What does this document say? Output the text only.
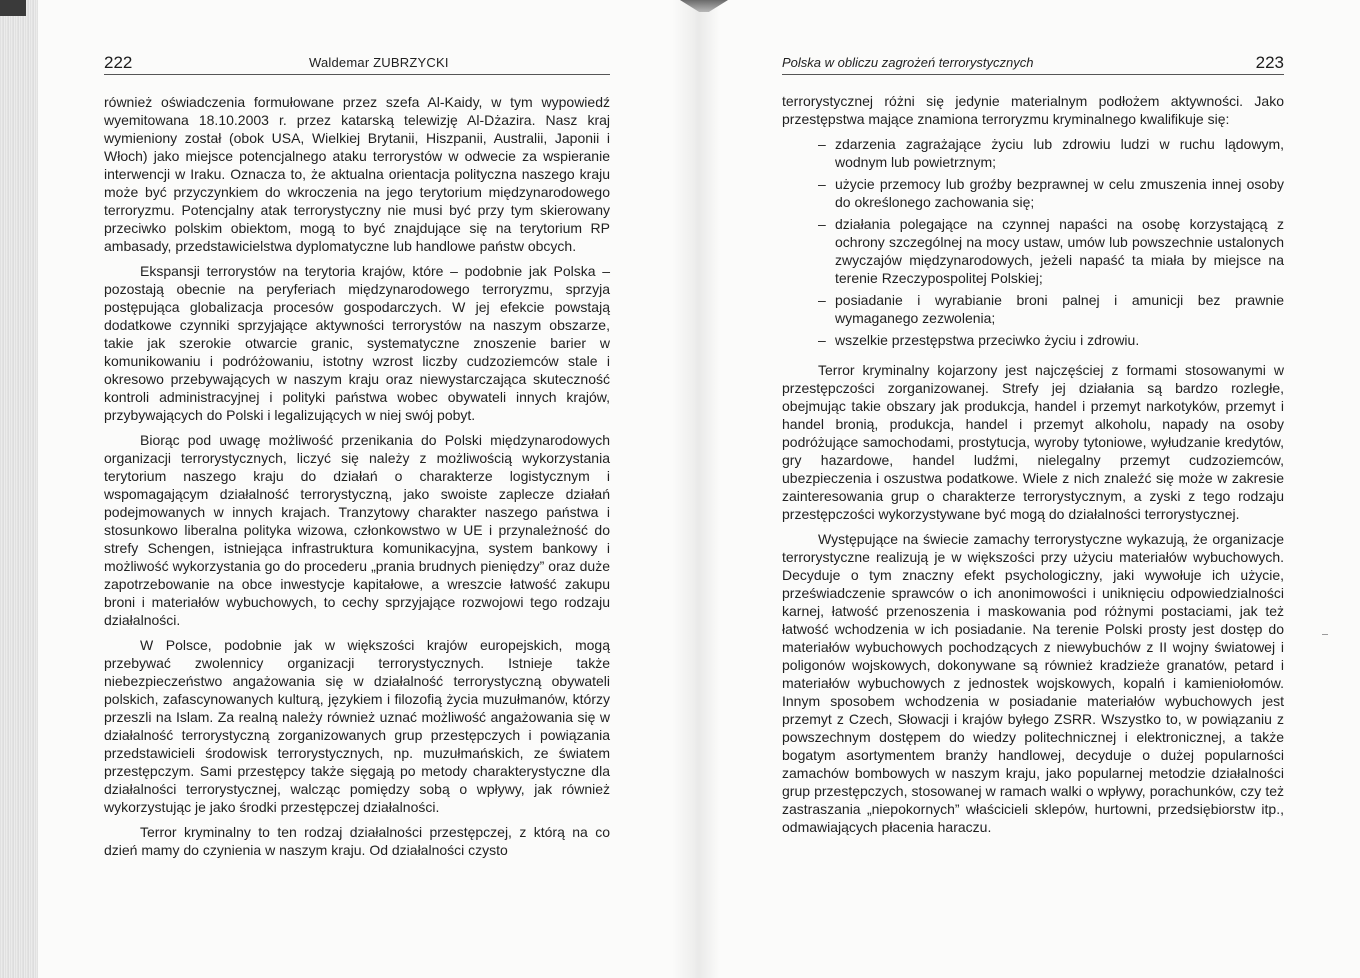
222	Waldemar ZUBRZYCKI

również oświadczenia formułowane przez szefa Al-Kaidy, w tym wypowiedź wyemitowana 18.10.2003 r. przez katarską telewizję Al-Dżazira. Nasz kraj wymieniony został (obok USA, Wielkiej Brytanii, Hiszpanii, Australii, Japonii i Włoch) jako miejsce potencjalnego ataku terrorystów w odwecie za wspieranie interwencji w Iraku. Oznacza to, że aktualna orientacja polityczna naszego kraju może być przyczynkiem do wkroczenia na jego terytorium międzynarodowego terroryzmu. Potencjalny atak terrorystyczny nie musi być przy tym skierowany przeciwko polskim obiektom, mogą to być znajdujące się na terytorium RP ambasady, przedstawicielstwa dyplomatyczne lub handlowe państw obcych.

Ekspansji terrorystów na terytoria krajów, które – podobnie jak Polska – pozostają obecnie na peryferiach międzynarodowego terroryzmu, sprzyja postępująca globalizacja procesów gospodarczych. W jej efekcie powstają dodatkowe czynniki sprzyjające aktywności terrorystów na naszym obszarze, takie jak szerokie otwarcie granic, systematyczne znoszenie barier w komunikowaniu i podróżowaniu, istotny wzrost liczby cudzoziemców stale i okresowo przebywających w naszym kraju oraz niewystarczająca skuteczność kontroli administracyjnej i polityki państwa wobec obywateli innych krajów, przybywających do Polski i legalizujących w niej swój pobyt.

Biorąc pod uwagę możliwość przenikania do Polski międzynarodowych organizacji terrorystycznych, liczyć się należy z możliwością wykorzystania terytorium naszego kraju do działań o charakterze logistycznym i wspomagającym działalność terrorystyczną, jako swoiste zaplecze działań podejmowanych w innych krajach. Tranzytowy charakter naszego państwa i stosunkowo liberalna polityka wizowa, członkowstwo w UE i przynależność do strefy Schengen, istniejąca infrastruktura komunikacyjna, system bankowy i możliwość wykorzystania go do procederu „prania brudnych pieniędzy” oraz duże zapotrzebowanie na obce inwestycje kapitałowe, a wreszcie łatwość zakupu broni i materiałów wybuchowych, to cechy sprzyjające rozwojowi tego rodzaju działalności.

W Polsce, podobnie jak w większości krajów europejskich, mogą przebywać zwolennicy organizacji terrorystycznych. Istnieje także niebezpieczeństwo angażowania się w działalność terrorystyczną obywateli polskich, zafascynowanych kulturą, językiem i filozofią życia muzułmanów, którzy przeszli na Islam. Za realną należy również uznać możliwość angażowania się w działalność terrorystyczną zorganizowanych grup przestępczych i powiązania przedstawicieli środowisk terrorystycznych, np. muzułmańskich, ze światem przestępczym. Sami przestępcy także sięgają po metody charakterystyczne dla działalności terrorystycznej, walcząc pomiędzy sobą o wpływy, jak również wykorzystując je jako środki przestępczej działalności.

Terror kryminalny to ten rodzaj działalności przestępczej, z którą na co dzień mamy do czynienia w naszym kraju. Od działalności czysto

Polska w obliczu zagrożeń terrorystycznych	223

terrorystycznej różni się jedynie materialnym podłożem aktywności. Jako przestępstwa mające znamiona terroryzmu kryminalnego kwalifikuje się:

– zdarzenia zagrażające życiu lub zdrowiu ludzi w ruchu lądowym, wodnym lub powietrznym;
– użycie przemocy lub groźby bezprawnej w celu zmuszenia innej osoby do określonego zachowania się;
– działania polegające na czynnej napaści na osobę korzystającą z ochrony szczególnej na mocy ustaw, umów lub powszechnie ustalonych zwyczajów międzynarodowych, jeżeli napaść ta miała by miejsce na terenie Rzeczypospolitej Polskiej;
– posiadanie i wyrabianie broni palnej i amunicji bez prawnie wymaganego zezwolenia;
– wszelkie przestępstwa przeciwko życiu i zdrowiu.

Terror kryminalny kojarzony jest najczęściej z formami stosowanymi w przestępczości zorganizowanej. Strefy jej działania są bardzo rozległe, obejmując takie obszary jak produkcja, handel i przemyt narkotyków, przemyt i handel bronią, produkcja, handel i przemyt alkoholu, napady na osoby podróżujące samochodami, prostytucja, wyroby tytoniowe, wyłudzanie kredytów, gry hazardowe, handel ludźmi, nielegalny przemyt cudzoziemców, ubezpieczenia i oszustwa podatkowe. Wiele z nich znaleźć się może w zakresie zainteresowania grup o charakterze terrorystycznym, a zyski z tego rodzaju przestępczości wykorzystywane być mogą do działalności terrorystycznej.

Występujące na świecie zamachy terrorystyczne wykazują, że organizacje terrorystyczne realizują je w większości przy użyciu materiałów wybuchowych. Decyduje o tym znaczny efekt psychologiczny, jaki wywołuje ich użycie, przeświadczenie sprawców o ich anonimowości i uniknięciu odpowiedzialności karnej, łatwość przenoszenia i maskowania pod różnymi postaciami, jak też łatwość wchodzenia w ich posiadanie. Na terenie Polski prosty jest dostęp do materiałów wybuchowych pochodzących z niewybuchów z II wojny światowej i poligonów wojskowych, dokonywane są również kradzieże granatów, petard i materiałów wybuchowych z jednostek wojskowych, kopalń i kamieniołomów. Innym sposobem wchodzenia w posiadanie materiałów wybuchowych jest przemyt z Czech, Słowacji i krajów byłego ZSRR. Wszystko to, w powiązaniu z powszechnym dostępem do wiedzy politechnicznej i elektronicznej, a także bogatym asortymentem branży handlowej, decyduje o dużej popularności zamachów bombowych w naszym kraju, jako popularnej metodzie działalności grup przestępczych, stosowanej w ramach walki o wpływy, porachunków, czy też zastraszania „niepokornych” właścicieli sklepów, hurtowni, przedsiębiorstw itp., odmawiających płacenia haraczu.
